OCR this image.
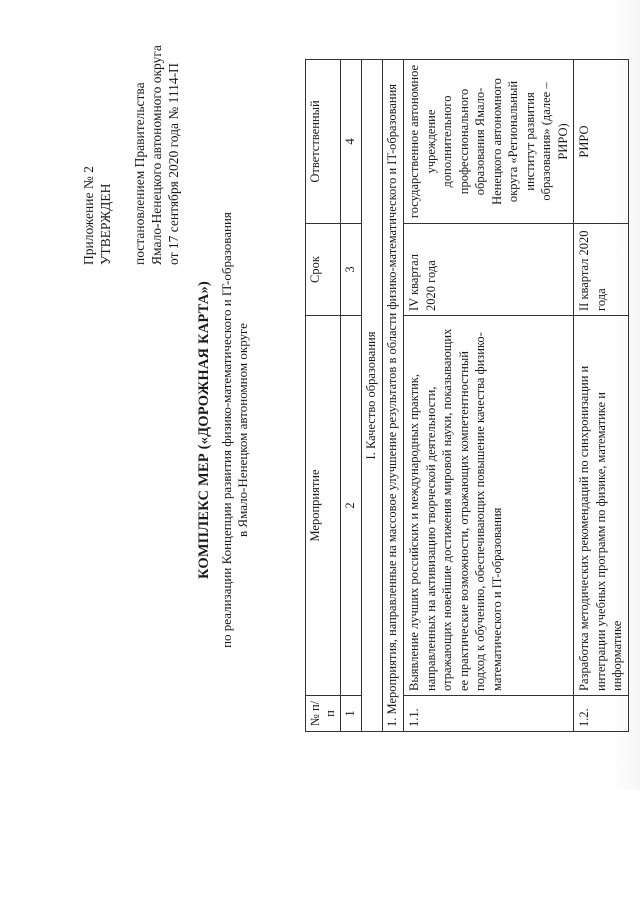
Приложение № 2 УТВЕРЖДЕН постановлением Правительства Ямало-Ненецкого автономного округа от 17 сентября 2020 года № 1114-П
КОМПЛЕКС МЕР («ДОРОЖНАЯ КАРТА») по реализации Концепции развития физико-математического и IT-образования в Ямало-Ненецком автономном округе
№ п/п	Мероприятие	Срок	Ответственный
1	2	3	4
I. Качество образования			
1. Мероприятия, направленные на массовое улучшение результатов в области физико-математического и IT-образования			
1.1.	Выявление лучших российских и международных практик, направленных на активизацию творческой деятельности, отражающих новейшие достижения мировой науки, показывающих ее практические возможности, отражающих компетентностный подход к обучению, обеспечивающих повышение качества физико-математического и IT-образования	IV квартал 2020 года	государственное автономное учреждение дополнительного профессионального образования Ямало-Ненецкого автономного округа «Региональный институт развития образования» (далее – РИРО)
1.2.	Разработка методических рекомендаций по синхронизации и интеграции учебных программ по физике, математике и информатике	II квартал 2020 года	РИРО
